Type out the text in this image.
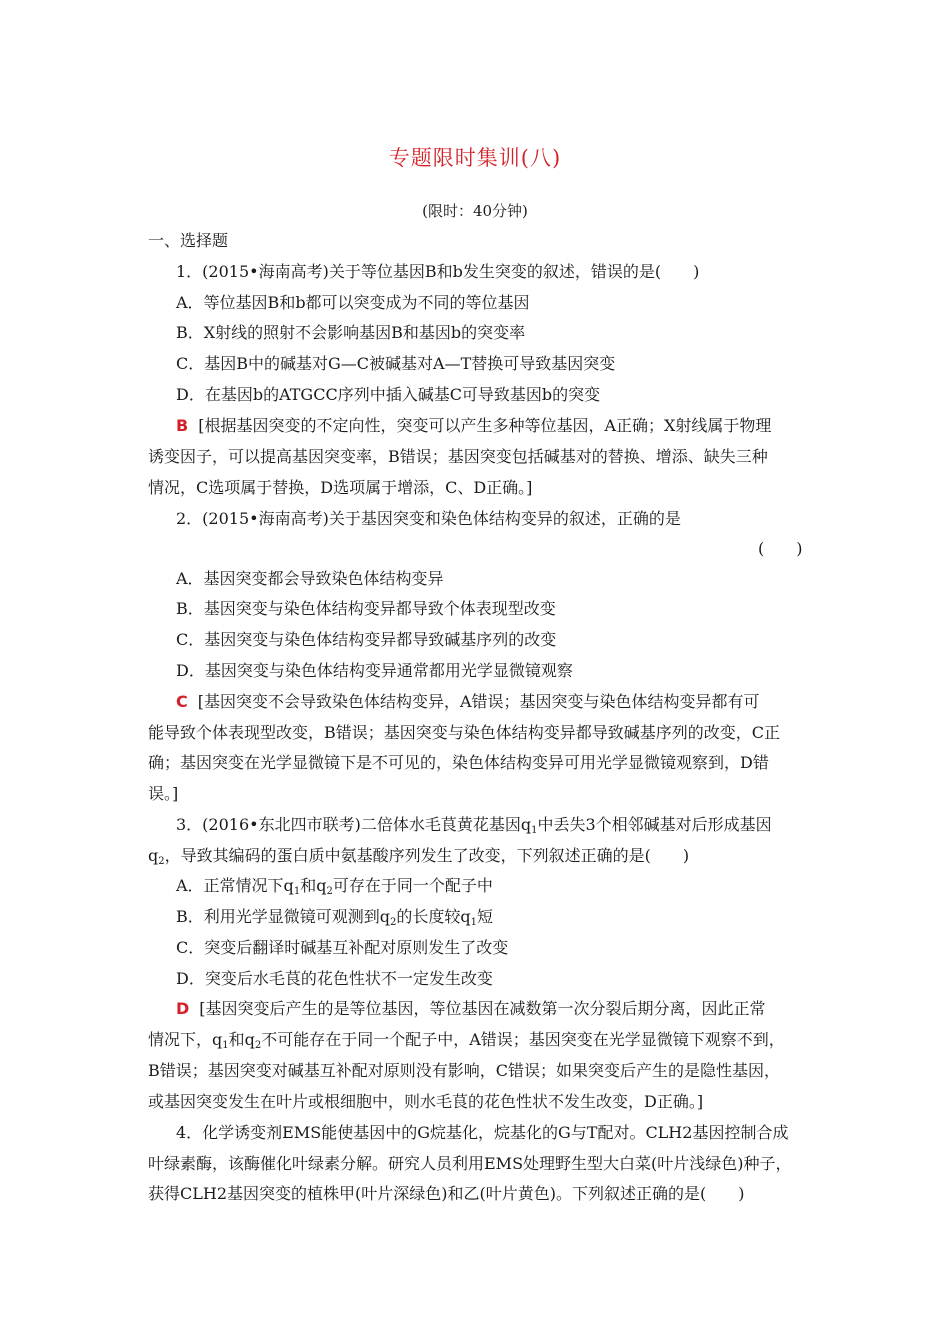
专题限时集训(八)
(限时：40分钟)
一、选择题
1．(2015•海南高考)关于等位基因B和b发生突变的叙述，错误的是(　　)
A．等位基因B和b都可以突变成为不同的等位基因
B．X射线的照射不会影响基因B和基因b的突变率
C．基因B中的碱基对G—C被碱基对A—T替换可导致基因突变
D．在基因b的ATGCC序列中插入碱基C可导致基因b的突变
B [根据基因突变的不定向性，突变可以产生多种等位基因，A正确；X射线属于物理
诱变因子，可以提高基因突变率，B错误；基因突变包括碱基对的替换、增添、缺失三种
情况，C选项属于替换，D选项属于增添，C、D正确。]
2．(2015•海南高考)关于基因突变和染色体结构变异的叙述，正确的是
(　　)
A．基因突变都会导致染色体结构变异
B．基因突变与染色体结构变异都导致个体表现型改变
C．基因突变与染色体结构变异都导致碱基序列的改变
D．基因突变与染色体结构变异通常都用光学显微镜观察
C [基因突变不会导致染色体结构变异，A错误；基因突变与染色体结构变异都有可
能导致个体表现型改变，B错误；基因突变与染色体结构变异都导致碱基序列的改变，C正
确；基因突变在光学显微镜下是不可见的，染色体结构变异可用光学显微镜观察到，D错
误。]
3．(2016•东北四市联考)二倍体水毛茛黄花基因$q_1$中丢失3个相邻碱基对后形成基因
$q_2$，导致其编码的蛋白质中氨基酸序列发生了改变，下列叙述正确的是(　　)
A．正常情况下$q_1$和$q_2$可存在于同一个配子中
B．利用光学显微镜可观测到$q_2$的长度较$q_1$短
C．突变后翻译时碱基互补配对原则发生了改变
D．突变后水毛茛的花色性状不一定发生改变
D [基因突变后产生的是等位基因，等位基因在减数第一次分裂后期分离，因此正常
情况下，$q_1$和$q_2$不可能存在于同一个配子中，A错误；基因突变在光学显微镜下观察不到，
B错误；基因突变对碱基互补配对原则没有影响，C错误；如果突变后产生的是隐性基因，
或基因突变发生在叶片或根细胞中，则水毛茛的花色性状不发生改变，D正确。]
4．化学诱变剂EMS能使基因中的G烷基化，烷基化的G与T配对。CLH2基因控制合成
叶绿素酶，该酶催化叶绿素分解。研究人员利用EMS处理野生型大白菜(叶片浅绿色)种子，
获得CLH2基因突变的植株甲(叶片深绿色)和乙(叶片黄色)。下列叙述正确的是(　　)
